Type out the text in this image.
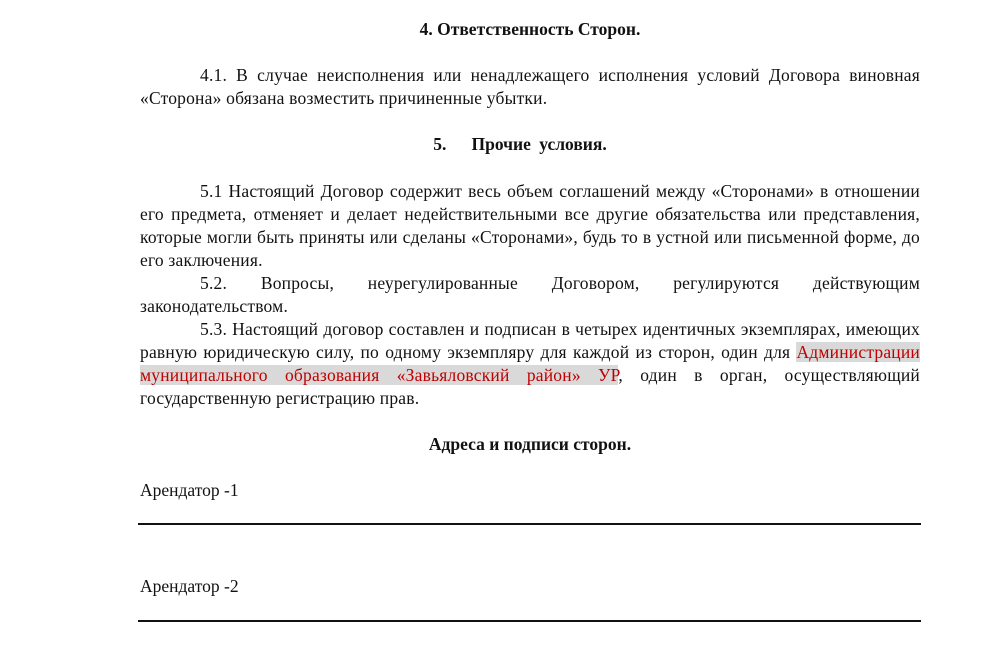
4. Ответственность Сторон.

4.1. В случае неисполнения или ненадлежащего исполнения условий Договора виновная «Сторона» обязана возместить причиненные убытки.

5.   Прочие условия.

5.1 Настоящий Договор содержит весь объем соглашений между «Сторонами» в отношении его предмета, отменяет и делает недействительными все другие обязательства или представления, которые могли быть приняты или сделаны «Сторонами», будь то в устной или письменной форме, до его заключения.

5.2. Вопросы, неурегулированные Договором, регулируются действующим законодательством.

5.3. Настоящий договор составлен и подписан в четырех идентичных экземплярах, имеющих равную юридическую силу, по одному экземпляру для каждой из сторон, один для Администрации муниципального образования «Завьяловский район» УР, один в орган, осуществляющий государственную регистрацию прав.

Адреса и подписи сторон.

Арендатор -1

Арендатор -2
